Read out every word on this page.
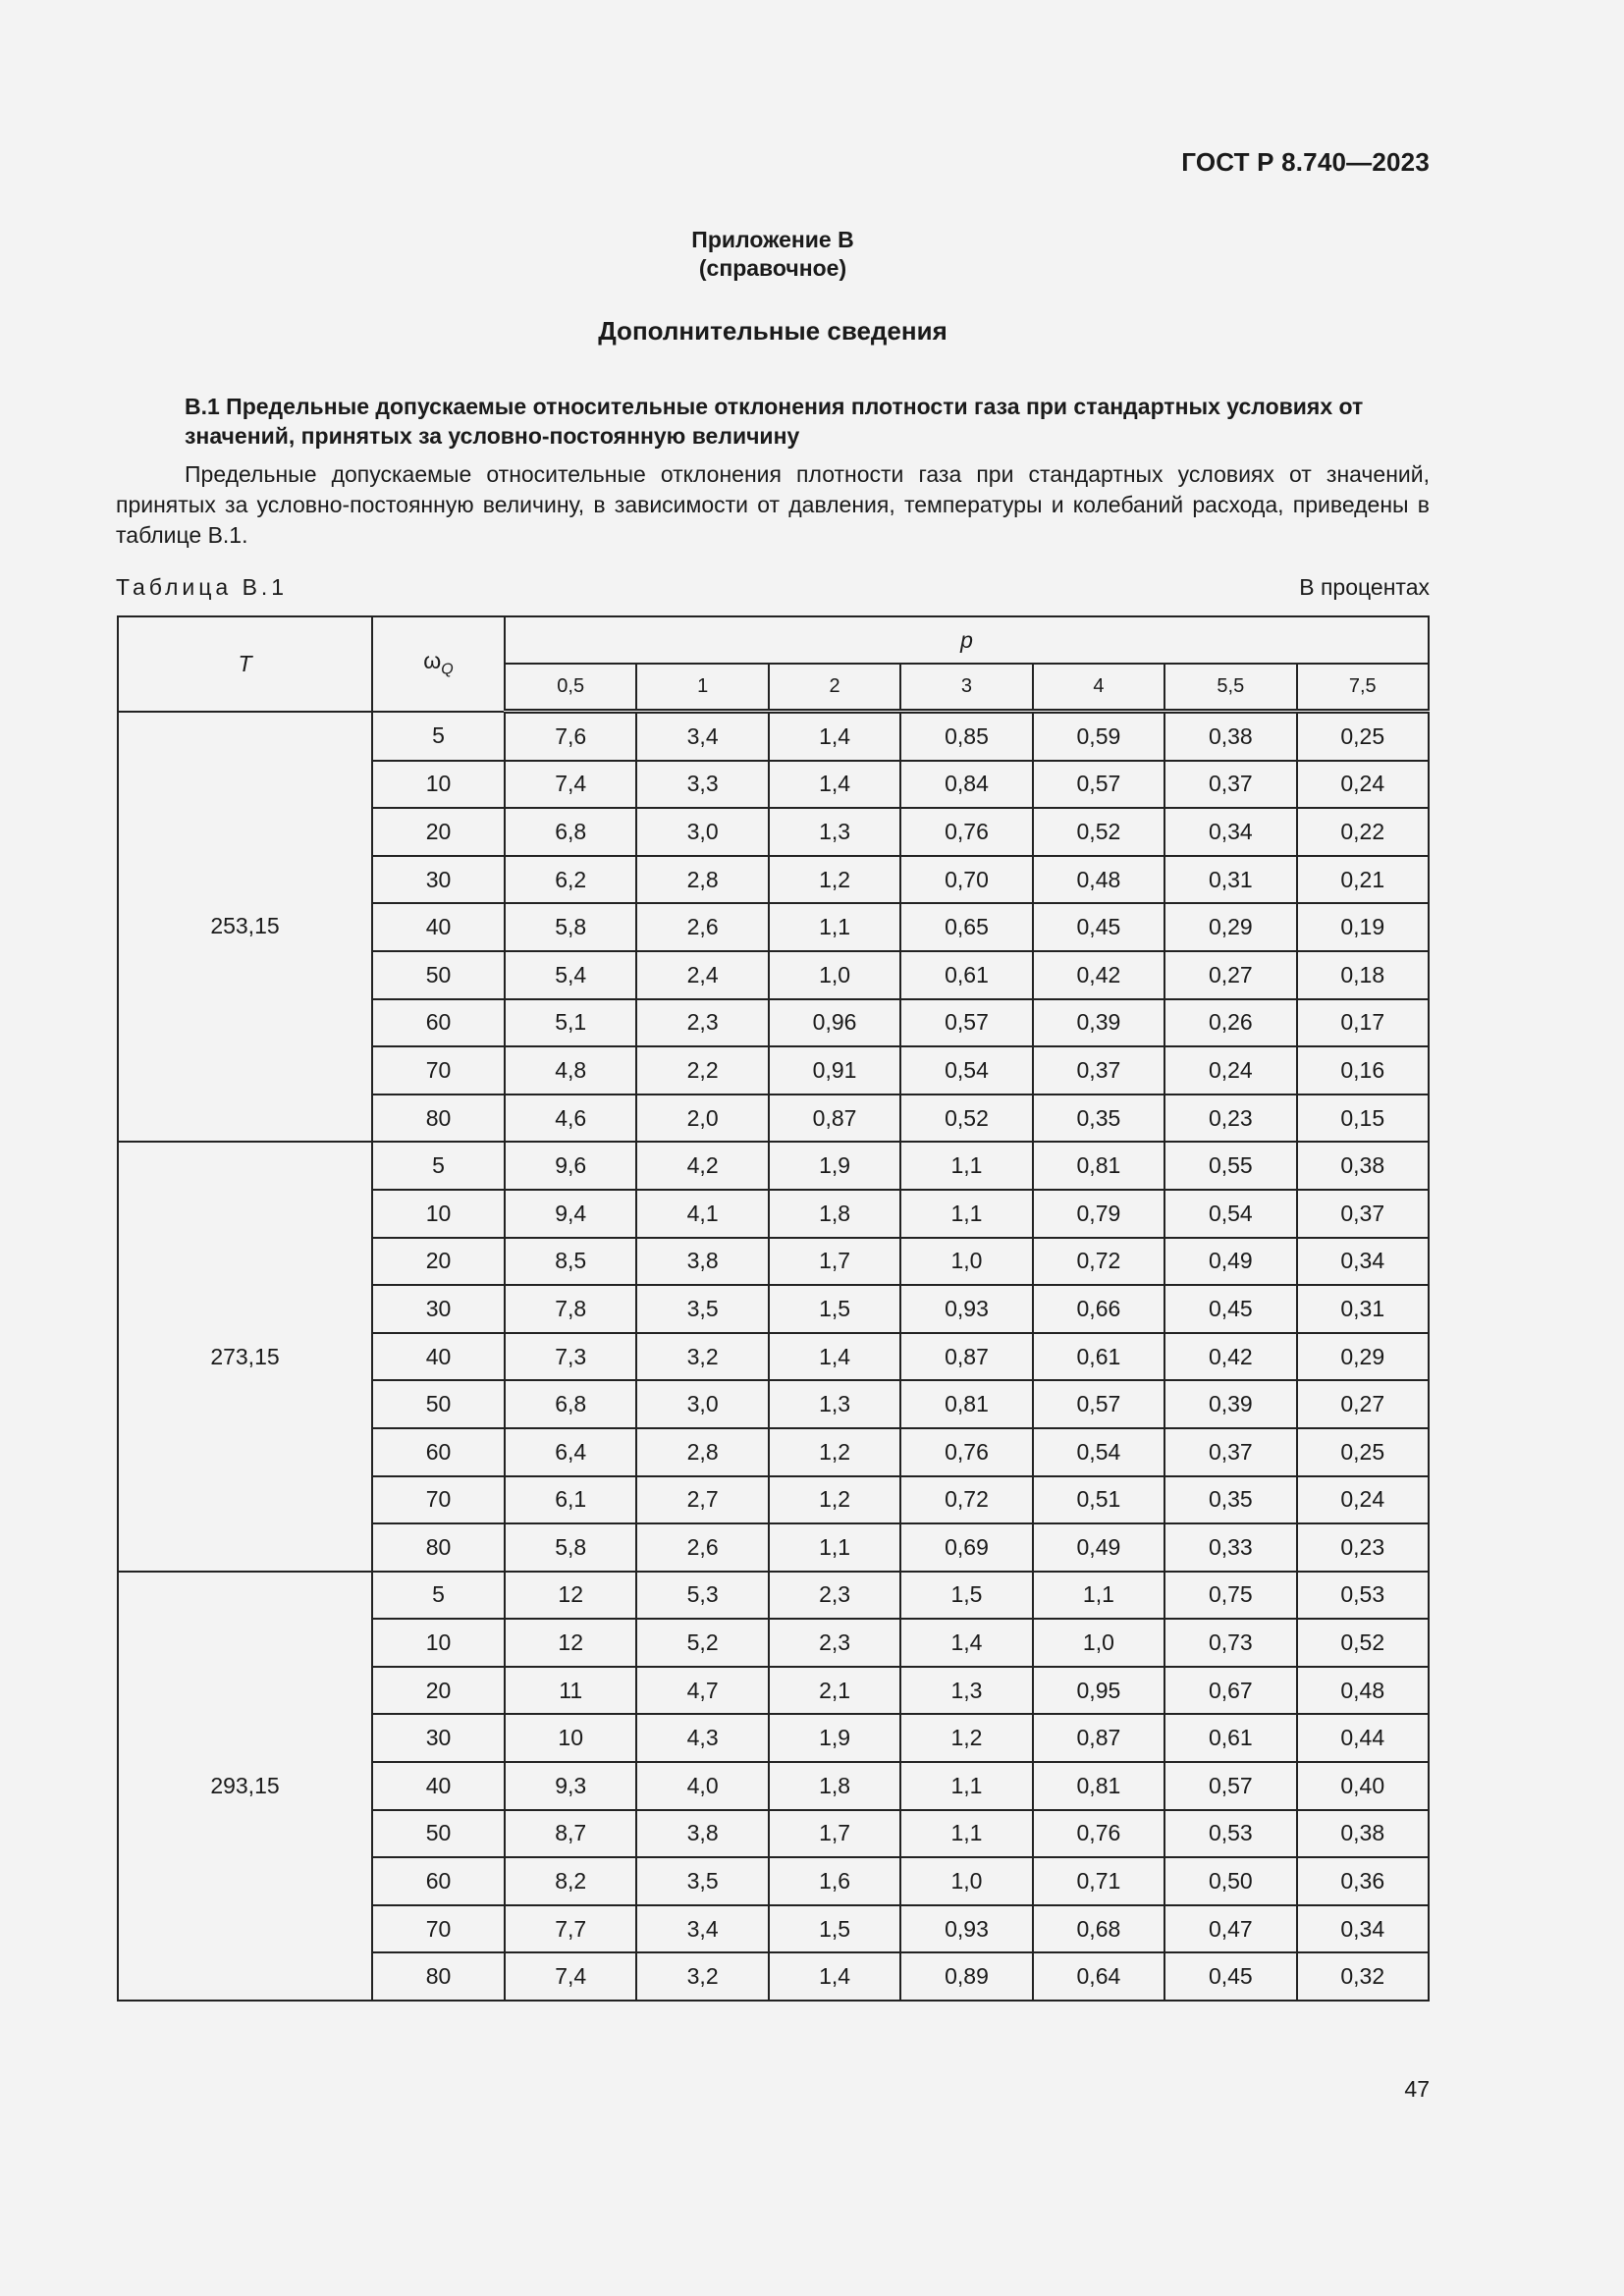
ГОСТ Р 8.740—2023
Приложение В
(справочное)
Дополнительные сведения
В.1 Предельные допускаемые относительные отклонения плотности газа при стандартных условиях от значений, принятых за условно-постоянную величину
Предельные допускаемые относительные отклонения плотности газа при стандартных условиях от значений, принятых за условно-постоянную величину, в зависимости от давления, температуры и колебаний расхода, приведены в таблице В.1.
Таблица В.1	В процентах
T	$\omega_Q$	p						
		0,5	1	2	3	4	5,5	7,5
253,15	5	7,6	3,4	1,4	0,85	0,59	0,38	0,25
	10	7,4	3,3	1,4	0,84	0,57	0,37	0,24
	20	6,8	3,0	1,3	0,76	0,52	0,34	0,22
	30	6,2	2,8	1,2	0,70	0,48	0,31	0,21
	40	5,8	2,6	1,1	0,65	0,45	0,29	0,19
	50	5,4	2,4	1,0	0,61	0,42	0,27	0,18
	60	5,1	2,3	0,96	0,57	0,39	0,26	0,17
	70	4,8	2,2	0,91	0,54	0,37	0,24	0,16
	80	4,6	2,0	0,87	0,52	0,35	0,23	0,15
273,15	5	9,6	4,2	1,9	1,1	0,81	0,55	0,38
	10	9,4	4,1	1,8	1,1	0,79	0,54	0,37
	20	8,5	3,8	1,7	1,0	0,72	0,49	0,34
	30	7,8	3,5	1,5	0,93	0,66	0,45	0,31
	40	7,3	3,2	1,4	0,87	0,61	0,42	0,29
	50	6,8	3,0	1,3	0,81	0,57	0,39	0,27
	60	6,4	2,8	1,2	0,76	0,54	0,37	0,25
	70	6,1	2,7	1,2	0,72	0,51	0,35	0,24
	80	5,8	2,6	1,1	0,69	0,49	0,33	0,23
293,15	5	12	5,3	2,3	1,5	1,1	0,75	0,53
	10	12	5,2	2,3	1,4	1,0	0,73	0,52
	20	11	4,7	2,1	1,3	0,95	0,67	0,48
	30	10	4,3	1,9	1,2	0,87	0,61	0,44
	40	9,3	4,0	1,8	1,1	0,81	0,57	0,40
	50	8,7	3,8	1,7	1,1	0,76	0,53	0,38
	60	8,2	3,5	1,6	1,0	0,71	0,50	0,36
	70	7,7	3,4	1,5	0,93	0,68	0,47	0,34
	80	7,4	3,2	1,4	0,89	0,64	0,45	0,32
47
